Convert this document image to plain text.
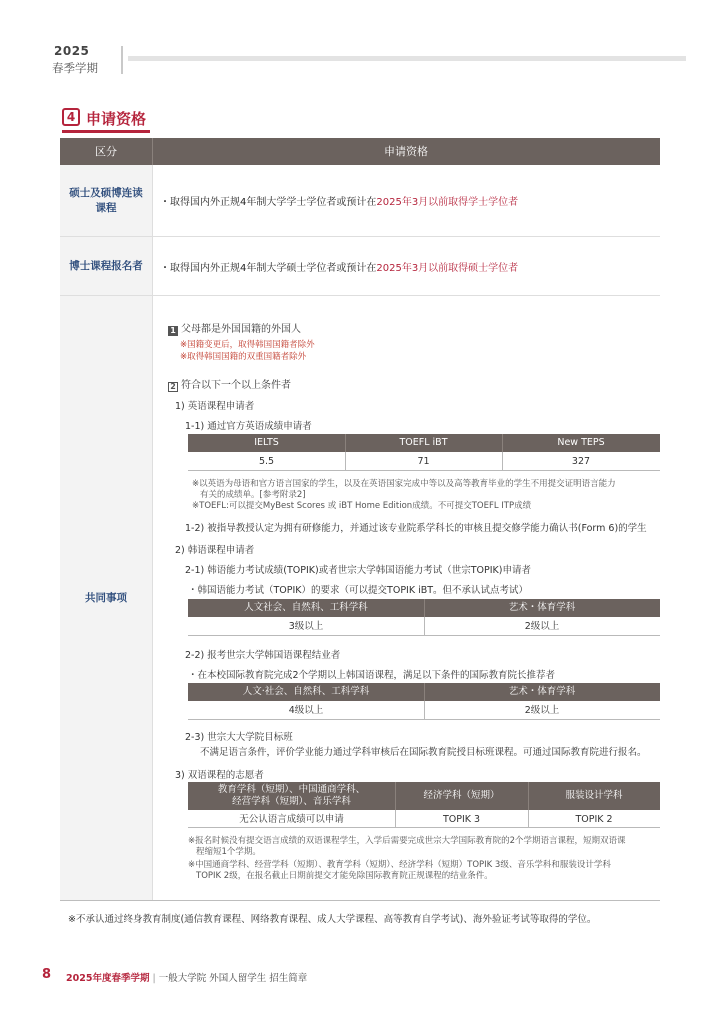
2025
春季学期
4 申请资格
区分	申请资格
硕士及硕博连读
课程	・取得国内外正规4年制大学学士学位者或预计在2025年3月以前取得学士学位者
博士课程报名者	・取得国内外正规4年制大学硕士学位者或预计在2025年3月以前取得硕士学位者
共同事项
1 父母都是外国国籍的外国人
※国籍变更后，取得韩国国籍者除外
※取得韩国国籍的双重国籍者除外
2 符合以下一个以上条件者
1) 英语课程申请者
1-1) 通过官方英语成绩申请者
IELTS	TOEFL iBT	New TEPS
5.5	71	327
※以英语为母语和官方语言国家的学生，以及在英语国家完成中等以及高等教育毕业的学生不用提交证明语言能力
有关的成绩单。[参考附录2]
※TOEFL:可以提交MyBest Scores 或 iBT Home Edition成绩。不可提交TOEFL ITP成绩
1-2) 被指导教授认定为拥有研修能力，并通过该专业院系学科长的审核且提交修学能力确认书(Form 6)的学生
2) 韩语课程申请者
2-1) 韩语能力考试成绩(TOPIK)或者世宗大学韩国语能力考试（世宗TOPIK)申请者
・韩国语能力考试（TOPIK）的要求（可以提交TOPIK iBT。但不承认试点考试）
人文社会、自然科、工科学科	艺术・体育学科
3级以上	2级以上
2-2) 报考世宗大学韩国语课程结业者
・在本校国际教育院完成2个学期以上韩国语课程，满足以下条件的国际教育院长推荐者
人文·社会、自然科、工科学科	艺术・体育学科
4级以上	2级以上
2-3) 世宗大大学院目标班
不满足语言条件，评价学业能力通过学科审核后在国际教育院授目标班课程。可通过国际教育院进行报名。
3) 双语课程的志愿者
教育学科（短期）、中国通商学科、
经营学科（短期）、音乐学科
经济学科（短期）	服装设计学科
无公认语言成绩可以申请	TOPIK 3	TOPIK 2
※报名时候没有提交语言成绩的双语课程学生，入学后需要完成世宗大学国际教育院的2个学期语言课程，短期双语课
程缩短1个学期。
※中国通商学科、经营学科（短期）、教育学科（短期）、经济学科（短期）TOPIK 3级、音乐学科和服装设计学科
TOPIK 2级，在报名截止日期前提交才能免除国际教育院正规课程的结业条件。
※不承认通过终身教育制度(通信教育课程、网络教育课程、成人大学课程、高等教育自学考试)、海外验证考试等取得的学位。
8 2025年度春季学期 | 一般大学院 外国人留学生 招生简章
